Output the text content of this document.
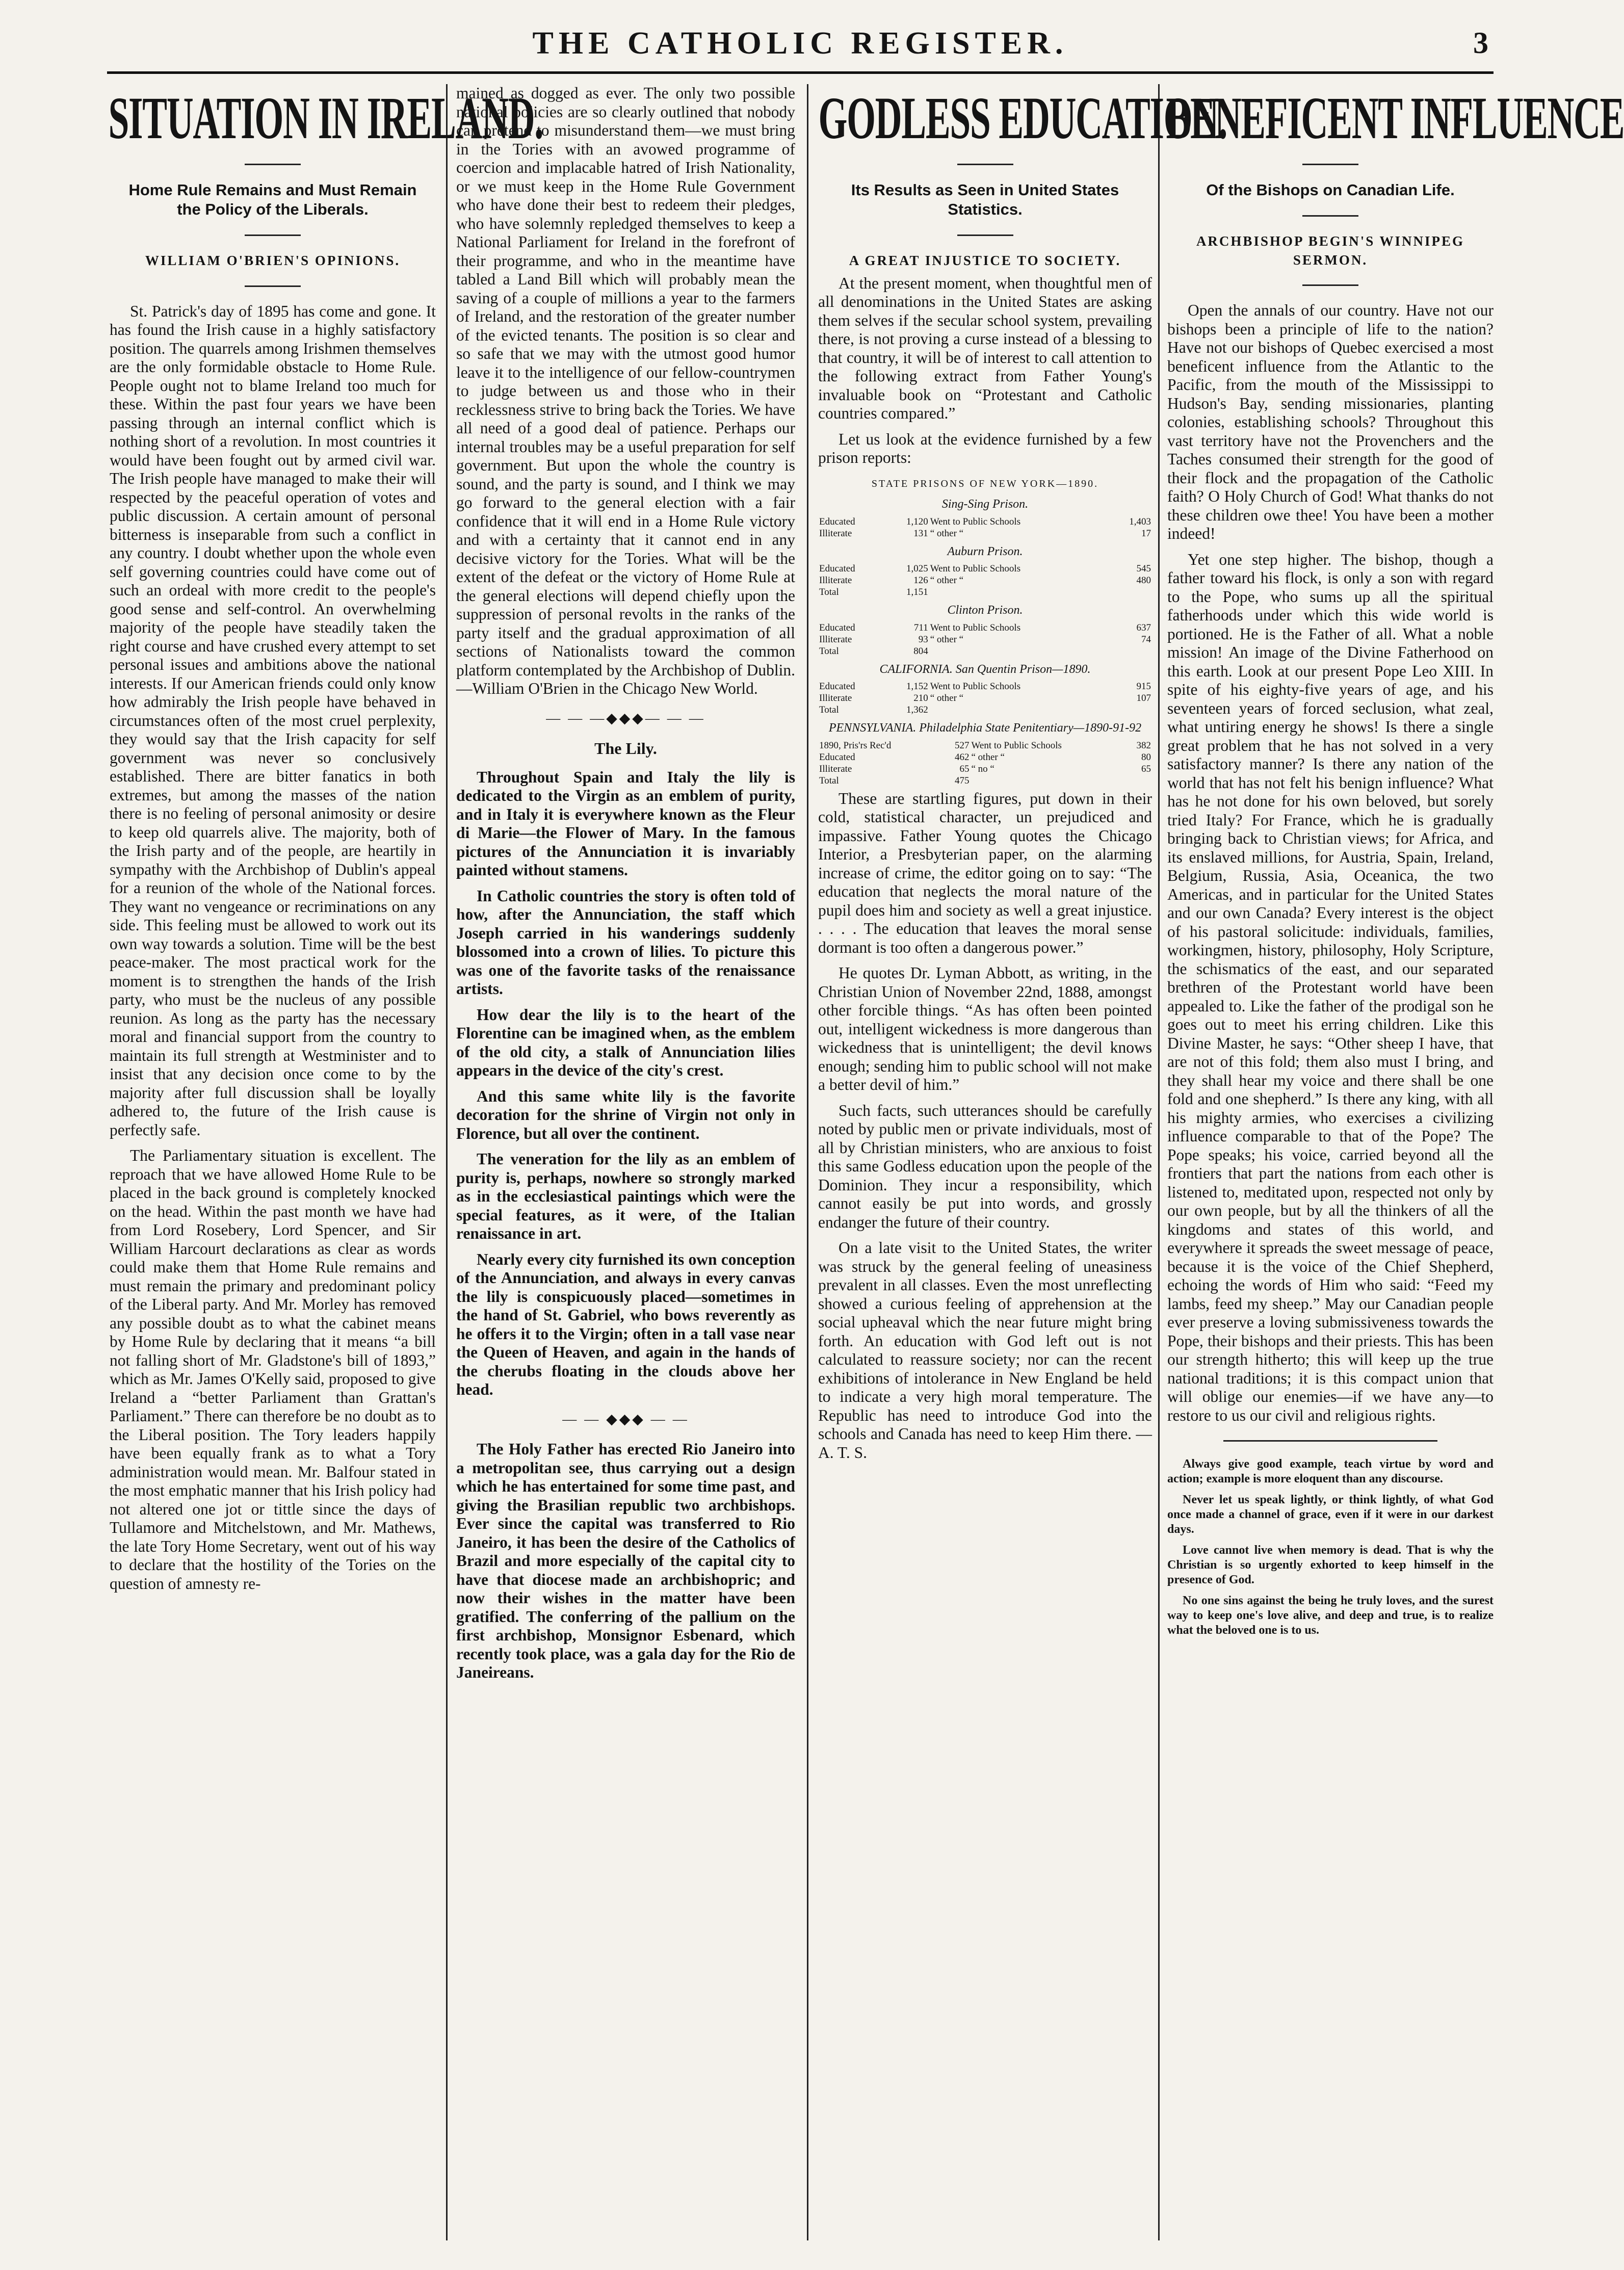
THE CATHOLIC REGISTER.	3
SITUATION IN IRELAND.
Home Rule Remains and Must Remain the Policy of the Liberals.
WILLIAM O'BRIEN'S OPINIONS.

St. Patrick's day of 1895 has come and gone. It has found the Irish cause in a highly satisfactory position. The quarrels among Irishmen themselves are the only formidable obstacle to Home Rule. People ought not to blame Ireland too much for these. Within the past four years we have been passing through an internal conflict which is nothing short of a revolution. In most countries it would have been fought out by armed civil war. The Irish people have managed to make their will respected by the peaceful operation of votes and public discussion. A certain amount of personal bitterness is inseparable from such a conflict in any country. I doubt whether upon the whole even self governing countries could have come out of such an ordeal with more credit to the people's good sense and self-control. An overwhelming majority of the people have steadily taken the right course and have crushed every attempt to set personal issues and ambitions above the national interests. If our American friends could only know how admirably the Irish people have behaved in circumstances often of the most cruel perplexity, they would say that the Irish capacity for self government was never so conclusively established. There are bitter fanatics in both extremes, but among the masses of the nation there is no feeling of personal animosity or desire to keep old quarrels alive. The majority, both of the Irish party and of the people, are heartily in sympathy with the Archbishop of Dublin's appeal for a reunion of the whole of the National forces. They want no vengeance or recriminations on any side. This feeling must be allowed to work out its own way towards a solution. Time will be the best peace-maker. The most practical work for the moment is to strengthen the hands of the Irish party, who must be the nucleus of any possible reunion. As long as the party has the necessary moral and financial support from the country to maintain its full strength at Westminister and to insist that any decision once come to by the majority after full discussion shall be loyally adhered to, the future of the Irish cause is perfectly safe.

The Parliamentary situation is excellent. The reproach that we have allowed Home Rule to be placed in the back ground is completely knocked on the head. Within the past month we have had from Lord Rosebery, Lord Spencer, and Sir William Harcourt declarations as clear as words could make them that Home Rule remains and must remain the primary and predominant policy of the Liberal party. And Mr. Morley has removed any possible doubt as to what the cabinet means by Home Rule by declaring that it means “a bill not falling short of Mr. Gladstone's bill of 1893,” which as Mr. James O'Kelly said, proposed to give Ireland a “better Parliament than Grattan's Parliament.” There can therefore be no doubt as to the Liberal position. The Tory leaders happily have been equally frank as to what a Tory administration would mean. Mr. Balfour stated in the most emphatic manner that his Irish policy had not altered one jot or tittle since the days of Tullamore and Mitchelstown, and Mr. Mathews, the late Tory Home Secretary, went out of his way to declare that the hostility of the Tories on the question of amnesty re-

mained as dogged as ever. The only two possible national policies are so clearly outlined that nobody can pretend to misunderstand them—we must bring in the Tories with an avowed programme of coercion and implacable hatred of Irish Nationality, or we must keep in the Home Rule Government who have done their best to redeem their pledges, who have solemnly repledged themselves to keep a National Parliament for Ireland in the forefront of their programme, and who in the meantime have tabled a Land Bill which will probably mean the saving of a couple of millions a year to the farmers of Ireland, and the restoration of the greater number of the evicted tenants. The position is so clear and so safe that we may with the utmost good humor leave it to the intelligence of our fellow-countrymen to judge between us and those who in their recklessness strive to bring back the Tories. We have all need of a good deal of patience. Perhaps our internal troubles may be a useful preparation for self government. But upon the whole the country is sound, and the party is sound, and I think we may go forward to the general election with a fair confidence that it will end in a Home Rule victory and with a certainty that it cannot end in any decisive victory for the Tories. What will be the extent of the defeat or the victory of Home Rule at the general elections will depend chiefly upon the suppression of personal revolts in the ranks of the party itself and the gradual approximation of all sections of Nationalists toward the common platform contemplated by the Archbishop of Dublin.—William O'Brien in the Chicago New World.

— — —◆◆◆— — —
The Lily.

Throughout Spain and Italy the lily is dedicated to the Virgin as an emblem of purity, and in Italy it is everywhere known as the Fleur di Marie—the Flower of Mary. In the famous pictures of the Annunciation it is invariably painted without stamens.

In Catholic countries the story is often told of how, after the Annunciation, the staff which Joseph carried in his wanderings suddenly blossomed into a crown of lilies. To picture this was one of the favorite tasks of the renaissance artists.

How dear the lily is to the heart of the Florentine can be imagined when, as the emblem of the old city, a stalk of Annunciation lilies appears in the device of the city's crest.

And this same white lily is the favorite decoration for the shrine of Virgin not only in Florence, but all over the continent.

The veneration for the lily as an emblem of purity is, perhaps, nowhere so strongly marked as in the ecclesiastical paintings which were the special features, as it were, of the Italian renaissance in art.

Nearly every city furnished its own conception of the Annunciation, and always in every canvas the lily is conspicuously placed—sometimes in the hand of St. Gabriel, who bows reverently as he offers it to the Virgin; often in a tall vase near the Queen of Heaven, and again in the hands of the cherubs floating in the clouds above her head.

— — ◆◆◆ — —

The Holy Father has erected Rio Janeiro into a metropolitan see, thus carrying out a design which he has entertained for some time past, and giving the Brasilian republic two archbishops. Ever since the capital was transferred to Rio Janeiro, it has been the desire of the Catholics of Brazil and more especially of the capital city to have that diocese made an archbishopric; and now their wishes in the matter have been gratified. The conferring of the pallium on the first archbishop, Monsignor Esbenard, which recently took place, was a gala day for the Rio de Janeireans.

GODLESS EDUCATION.
Its Results as Seen in United States Statistics.
A GREAT INJUSTICE TO SOCIETY.

At the present moment, when thoughtful men of all denominations in the United States are asking them selves if the secular school system, prevailing there, is not proving a curse instead of a blessing to that country, it will be of interest to call attention to the following extract from Father Young's invaluable book on “Protestant and Catholic countries compared.”

Let us look at the evidence furnished by a few prison reports:

STATE PRISONS OF NEW YORK—1890.
Sing-Sing Prison.
Educated	1,120	Went to Public Schools	1,403
Illiterate	131	“ other “	17
Auburn Prison.
Educated	1,025	Went to Public Schools	545
Illiterate	126	“ other “	480
Total	1,151		
Clinton Prison.
Educated	711	Went to Public Schools	637
Illiterate	93	“ other “	74
Total	804		
CALIFORNIA. San Quentin Prison—1890.
Educated	1,152	Went to Public Schools	915
Illiterate	210	“ other “	107
Total	1,362		
PENNSYLVANIA. Philadelphia State Penitentiary—1890-91-92
1890, Pris'rs Rec'd	527	Went to Public Schools	382
Educated	462	“ other “	80
Illiterate	65	“ no “	65
Total	475		

These are startling figures, put down in their cold, statistical character, un prejudiced and impassive. Father Young quotes the Chicago Interior, a Presbyterian paper, on the alarming increase of crime, the editor going on to say: “The education that neglects the moral nature of the pupil does him and society as well a great injustice. . . . . The education that leaves the moral sense dormant is too often a dangerous power.”

He quotes Dr. Lyman Abbott, as writing, in the Christian Union of November 22nd, 1888, amongst other forcible things. “As has often been pointed out, intelligent wickedness is more dangerous than wickedness that is unintelligent; the devil knows enough; sending him to public school will not make a better devil of him.”

Such facts, such utterances should be carefully noted by public men or private individuals, most of all by Christian ministers, who are anxious to foist this same Godless education upon the people of the Dominion. They incur a responsibility, which cannot easily be put into words, and grossly endanger the future of their country.

On a late visit to the United States, the writer was struck by the general feeling of uneasiness prevalent in all classes. Even the most unreflecting showed a curious feeling of apprehension at the social upheaval which the near future might bring forth. An education with God left out is not calculated to reassure society; nor can the recent exhibitions of intolerance in New England be held to indicate a very high moral temperature. The Republic has need to introduce God into the schools and Canada has need to keep Him there. — A. T. S.

BENEFICENT INFLUENCE
Of the Bishops on Canadian Life.
ARCHBISHOP BEGIN'S WINNIPEG SERMON.

Open the annals of our country. Have not our bishops been a principle of life to the nation? Have not our bishops of Quebec exercised a most beneficent influence from the Atlantic to the Pacific, from the mouth of the Mississippi to Hudson's Bay, sending missionaries, planting colonies, establishing schools? Throughout this vast territory have not the Provenchers and the Taches consumed their strength for the good of their flock and the propagation of the Catholic faith? O Holy Church of God! What thanks do not these children owe thee! You have been a mother indeed!

Yet one step higher. The bishop, though a father toward his flock, is only a son with regard to the Pope, who sums up all the spiritual fatherhoods under which this wide world is portioned. He is the Father of all. What a noble mission! An image of the Divine Fatherhood on this earth. Look at our present Pope Leo XIII. In spite of his eighty-five years of age, and his seventeen years of forced seclusion, what zeal, what untiring energy he shows! Is there a single great problem that he has not solved in a very satisfactory manner? Is there any nation of the world that has not felt his benign influence? What has he not done for his own beloved, but sorely tried Italy? For France, which he is gradually bringing back to Christian views; for Africa, and its enslaved millions, for Austria, Spain, Ireland, Belgium, Russia, Asia, Oceanica, the two Americas, and in particular for the United States and our own Canada? Every interest is the object of his pastoral solicitude: individuals, families, workingmen, history, philosophy, Holy Scripture, the schismatics of the east, and our separated brethren of the Protestant world have been appealed to. Like the father of the prodigal son he goes out to meet his erring children. Like this Divine Master, he says: “Other sheep I have, that are not of this fold; them also must I bring, and they shall hear my voice and there shall be one fold and one shepherd.” Is there any king, with all his mighty armies, who exercises a civilizing influence comparable to that of the Pope? The Pope speaks; his voice, carried beyond all the frontiers that part the nations from each other is listened to, meditated upon, respected not only by our own people, but by all the thinkers of all the kingdoms and states of this world, and everywhere it spreads the sweet message of peace, because it is the voice of the Chief Shepherd, echoing the words of Him who said: “Feed my lambs, feed my sheep.” May our Canadian people ever preserve a loving submissiveness towards the Pope, their bishops and their priests. This has been our strength hitherto; this will keep up the true national traditions; it is this compact union that will oblige our enemies—if we have any—to restore to us our civil and religious rights.

Always give good example, teach virtue by word and action; example is more eloquent than any discourse.

Never let us speak lightly, or think lightly, of what God once made a channel of grace, even if it were in our darkest days.

Love cannot live when memory is dead. That is why the Christian is so urgently exhorted to keep himself in the presence of God.

No one sins against the being he truly loves, and the surest way to keep one's love alive, and deep and true, is to realize what the beloved one is to us.
